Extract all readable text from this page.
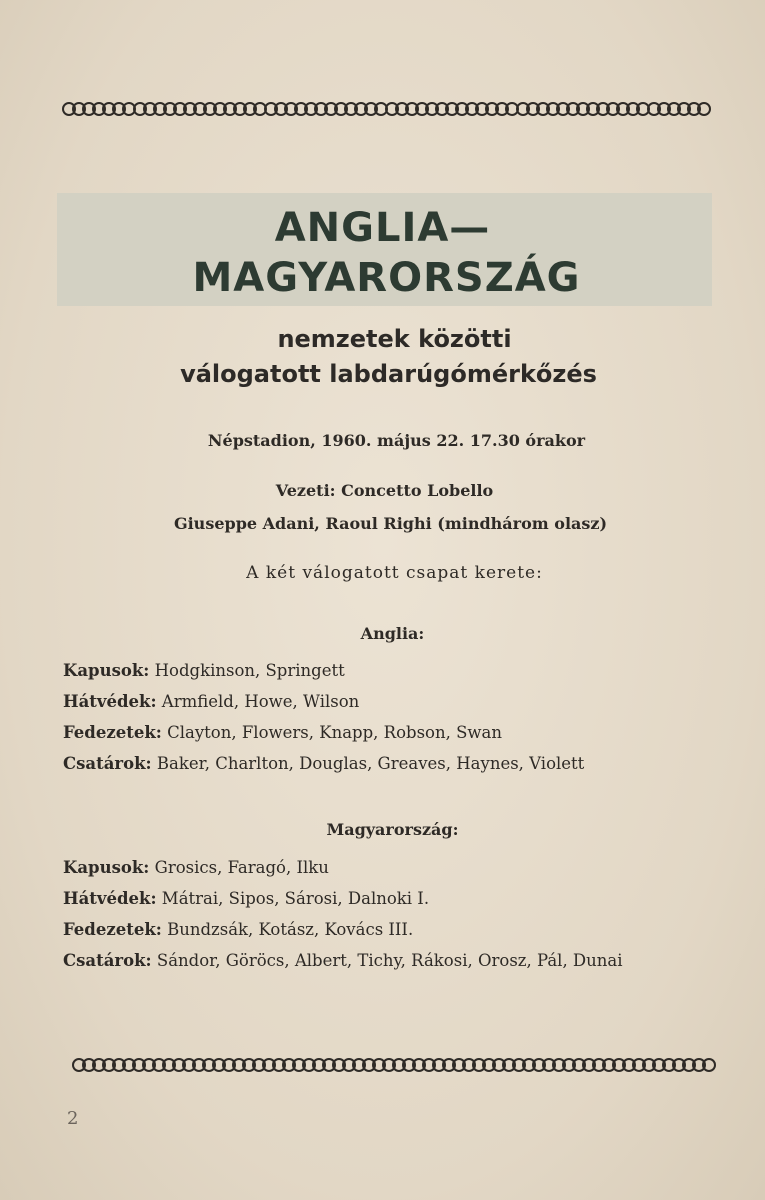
ANGLIA—
MAGYARORSZÁG
nemzetek közötti
válogatott labdarúgómérkőzés
Népstadion, 1960. május 22. 17.30 órakor
Vezeti: Concetto Lobello
Giuseppe Adani, Raoul Righi (mindhárom olasz)
A két válogatott csapat kerete:
Anglia:
Kapusok: Hodgkinson, Springett
Hátvédek: Armfield, Howe, Wilson
Fedezetek: Clayton, Flowers, Knapp, Robson, Swan
Csatárok: Baker, Charlton, Douglas, Greaves, Haynes, Violett
Magyarország:
Kapusok: Grosics, Faragó, Ilku
Hátvédek: Mátrai, Sipos, Sárosi, Dalnoki I.
Fedezetek: Bundzsák, Kotász, Kovács III.
Csatárok: Sándor, Göröcs, Albert, Tichy, Rákosi, Orosz, Pál, Dunai
2
